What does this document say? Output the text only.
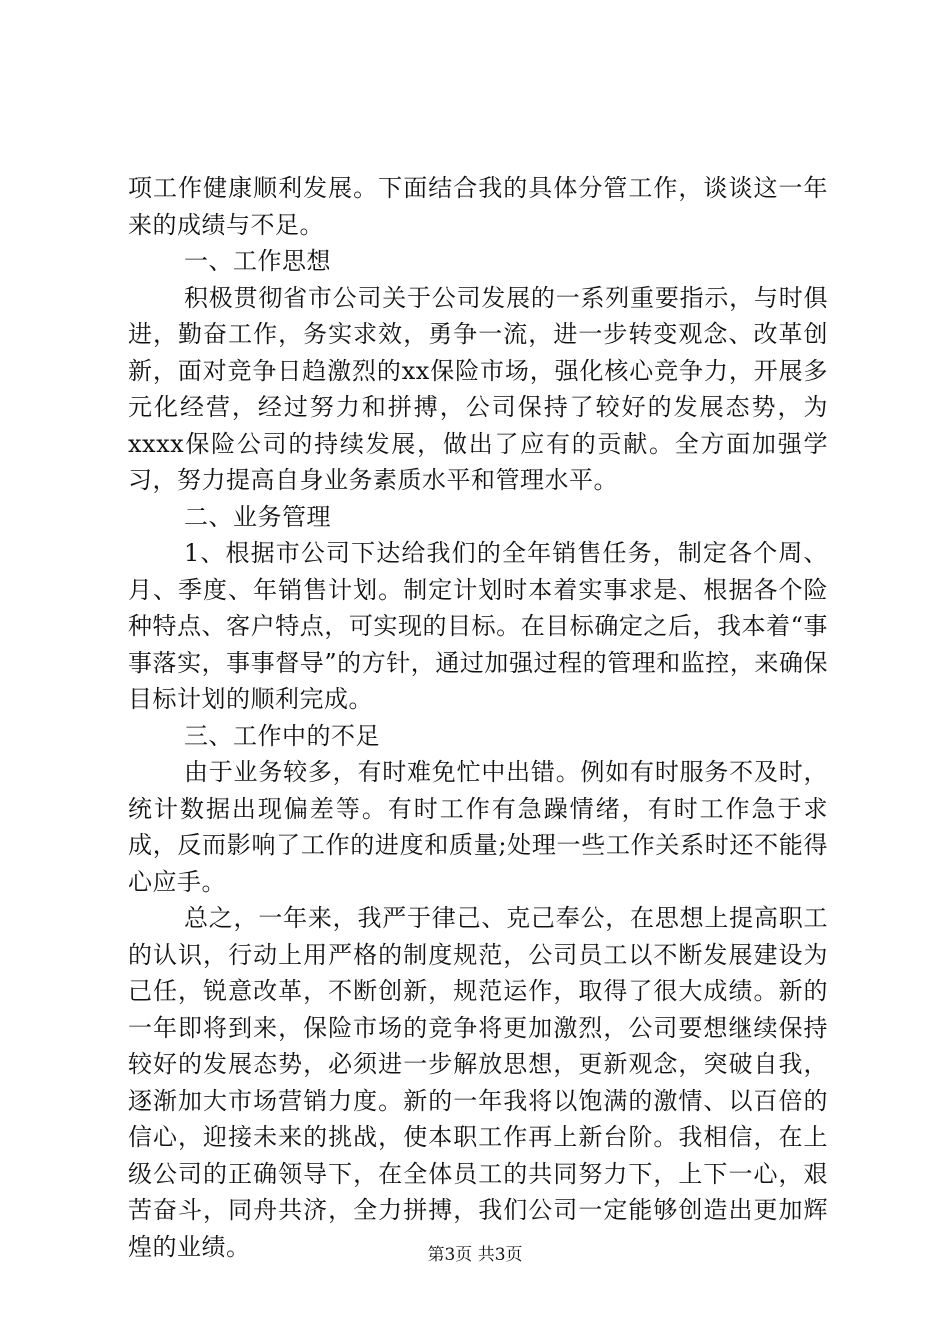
项工作健康顺利发展。下面结合我的具体分管工作，谈谈这一年来的成绩与不足。

一、工作思想

积极贯彻省市公司关于公司发展的一系列重要指示，与时俱进，勤奋工作，务实求效，勇争一流，进一步转变观念、改革创新，面对竞争日趋激烈的xx保险市场，强化核心竞争力，开展多元化经营，经过努力和拼搏，公司保持了较好的发展态势，为xxxx保险公司的持续发展，做出了应有的贡献。全方面加强学习，努力提高自身业务素质水平和管理水平。

二、业务管理

1、根据市公司下达给我们的全年销售任务，制定各个周、月、季度、年销售计划。制定计划时本着实事求是、根据各个险种特点、客户特点，可实现的目标。在目标确定之后，我本着“事事落实，事事督导”的方针，通过加强过程的管理和监控，来确保目标计划的顺利完成。

三、工作中的不足

由于业务较多，有时难免忙中出错。例如有时服务不及时，统计数据出现偏差等。有时工作有急躁情绪，有时工作急于求成，反而影响了工作的进度和质量;处理一些工作关系时还不能得心应手。

总之，一年来，我严于律己、克己奉公，在思想上提高职工的认识，行动上用严格的制度规范，公司员工以不断发展建设为己任，锐意改革，不断创新，规范运作，取得了很大成绩。新的一年即将到来，保险市场的竞争将更加激烈，公司要想继续保持较好的发展态势，必须进一步解放思想，更新观念，突破自我，逐渐加大市场营销力度。新的一年我将以饱满的激情、以百倍的信心，迎接未来的挑战，使本职工作再上新台阶。我相信，在上级公司的正确领导下，在全体员工的共同努力下，上下一心，艰苦奋斗，同舟共济，全力拼搏，我们公司一定能够创造出更加辉煌的业绩。	第3页 共3页
